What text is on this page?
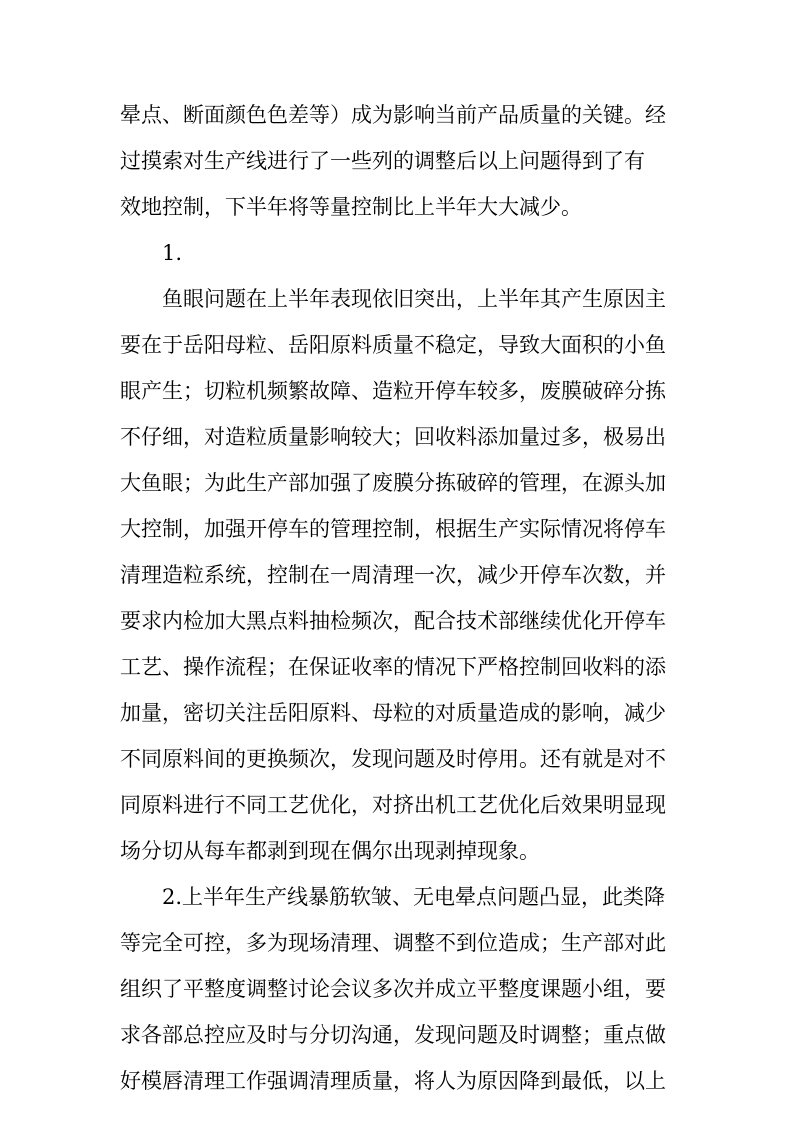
晕点、断面颜色色差等）成为影响当前产品质量的关键。经

过摸索对生产线进行了一些列的调整后以上问题得到了有

效地控制，下半年将等量控制比上半年大大减少。

1.

鱼眼问题在上半年表现依旧突出，上半年其产生原因主

要在于岳阳母粒、岳阳原料质量不稳定，导致大面积的小鱼

眼产生；切粒机频繁故障、造粒开停车较多，废膜破碎分拣

不仔细，对造粒质量影响较大；回收料添加量过多，极易出

大鱼眼；为此生产部加强了废膜分拣破碎的管理，在源头加

大控制，加强开停车的管理控制，根据生产实际情况将停车

清理造粒系统，控制在一周清理一次，减少开停车次数，并

要求内检加大黑点料抽检频次，配合技术部继续优化开停车

工艺、操作流程；在保证收率的情况下严格控制回收料的添

加量，密切关注岳阳原料、母粒的对质量造成的影响，减少

不同原料间的更换频次，发现问题及时停用。还有就是对不

同原料进行不同工艺优化，对挤出机工艺优化后效果明显现

场分切从每车都剥到现在偶尔出现剥掉现象。

2.上半年生产线暴筋软皱、无电晕点问题凸显，此类降

等完全可控，多为现场清理、调整不到位造成；生产部对此

组织了平整度调整讨论会议多次并成立平整度课题小组，要

求各部总控应及时与分切沟通，发现问题及时调整；重点做

好模唇清理工作强调清理质量，将人为原因降到最低，以上
